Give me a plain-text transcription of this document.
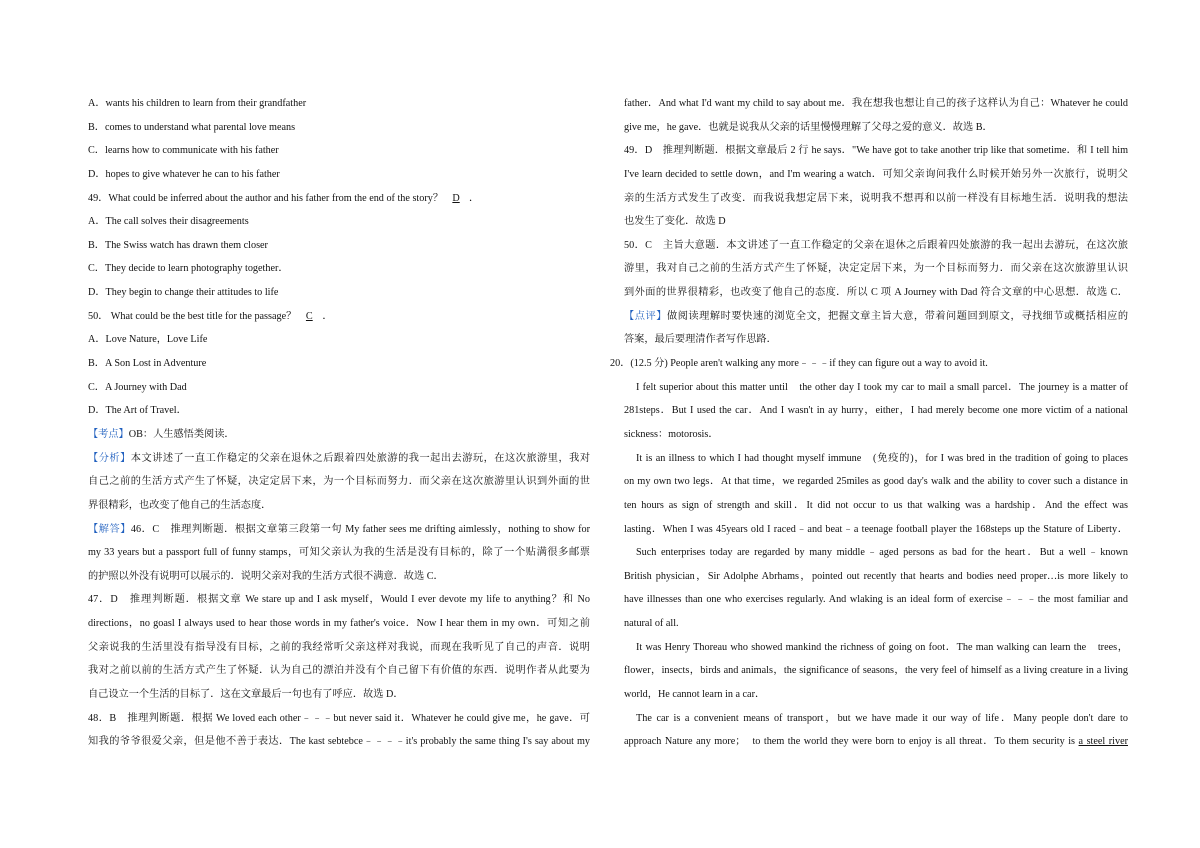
A．wants his children to learn from their grandfather
B．comes to understand what parental love means
C．learns how to communicate with his father
D．hopes to give whatever he can to his father
49．What could be inferred about the author and his father from the end of the story？ D ．
A．The call solves their disagreements
B．The Swiss watch has drawn them closer
C．They decide to learn photography together．
D．They begin to change their attitudes to life
50． What could be the best title for the passage？ C ．
A．Love Nature，Love Life
B．A Son Lost in Adventure
C．A Journey with Dad
D．The Art of Travel．
【考点】OB：人生感悟类阅读．
【分析】本文讲述了一直工作稳定的父亲在退休之后跟着四处旅游的我一起出去游玩，在这次旅游里，我对
自己之前的生活方式产生了怀疑，决定定居下来，为一个目标而努力．而父亲在这次旅游里认识到外面的世
界很精彩，也改变了他自己的生活态度．
【解答】46．C　推理判断题．根据文章第三段第一句 My father sees me drifting aimlessly，nothing to show for
my 33 years but a passport full of funny stamps，可知父亲认为我的生活是没有目标的，除了一个贴满很多邮票
的护照以外没有说明可以展示的．说明父亲对我的生活方式很不满意．故选 C．
47．D　推理判断题．根据文章 We stare up and I ask myself，Would I ever devote my life to anything？和 No
directions，no goasl I always used to hear those words in my father's voice．Now I hear them in my own．可知之前
父亲说我的生活里没有指导没有目标，之前的我经常听父亲这样对我说，而现在我听见了自己的声音．说明
我对之前以前的生活方式产生了怀疑．认为自己的漂泊并没有个自己留下有价值的东西．说明作者从此要为
自己设立一个生活的目标了．这在文章最后一句也有了呼应．故选 D．
48．B　推理判断题．根据 We loved each other﹣﹣﹣but never said it．Whatever he could give me，he gave．可
知我的爷爷很爱父亲，但是他不善于表达．The kast sebtebce﹣﹣﹣﹣it's probably the same thing I's say about my
father．And what I'd want my child to say about me．我在想我也想让自己的孩子这样认为自己：Whatever he could
give me，he gave．也就是说我从父亲的话里慢慢理解了父母之爱的意义．故选 B．
49．D　推理判断题．根据文章最后 2 行 he says．"We have got to take another trip like that sometime．和 I tell him
I've learn decided to settle down，and I'm wearing a watch．可知父亲询问我什么时候开始另外一次旅行，说明父
亲的生活方式发生了改变．而我说我想定居下来，说明我不想再和以前一样没有目标地生活．说明我的想法
也发生了变化．故选 D
50．C　主旨大意题．本文讲述了一直工作稳定的父亲在退休之后跟着四处旅游的我一起出去游玩，在这次旅
游里，我对自己之前的生活方式产生了怀疑，决定定居下来，为一个目标而努力．而父亲在这次旅游里认识
到外面的世界很精彩，也改变了他自己的态度．所以 C 项 A Journey with Dad 符合文章的中心思想．故选 C．
【点评】做阅读理解时要快速的浏览全文，把握文章主旨大意，带着问题回到原文，寻找细节或概括相应的
答案，最后要理清作者写作思路．
20．(12.5 分) People aren't walking any more﹣﹣﹣if they can figure out a way to avoid it.
I felt superior about this matter until　the other day I took my car to mail a small parcel．The journey is a matter of
281steps．But I used the car．And I wasn't in ay hurry，either，I had merely become one more victim of a national
sickness：motorosis．
It is an illness to which I had thought myself immune　(免疫的)，for I was bred in the tradition of going to places
on my own two legs．At that time，we regarded 25miles as good day's walk and the ability to cover such a distance in
ten hours as sign of strength and skill．It did not occur to us that walking was a hardship．And the effect was
lasting．When I was 45years old I raced﹣and beat﹣a teenage football player the 168steps up the Stature of Liberty．
Such enterprises today are regarded by many middle﹣aged persons as bad for the heart．But a well﹣known
British physician，Sir Adolphe Abrhams，pointed out recently that hearts and bodies need proper…is more likely to
have illnesses than one who exercises regularly. And wlaking is an ideal form of exercise﹣﹣﹣the most familiar and
natural of all.
It was Henry Thoreau who showed mankind the richness of going on foot．The man walking can learn the　trees，
flower，insects，birds and animals，the significance of seasons，the very feel of himself as a living creature in a living
world，He cannot learn in a car．
The car is a convenient means of transport，but we have made it our way of life．Many people don't dare to
approach Nature any more；　to them the world they were born to enjoy is all threat．To them security is a steel river
